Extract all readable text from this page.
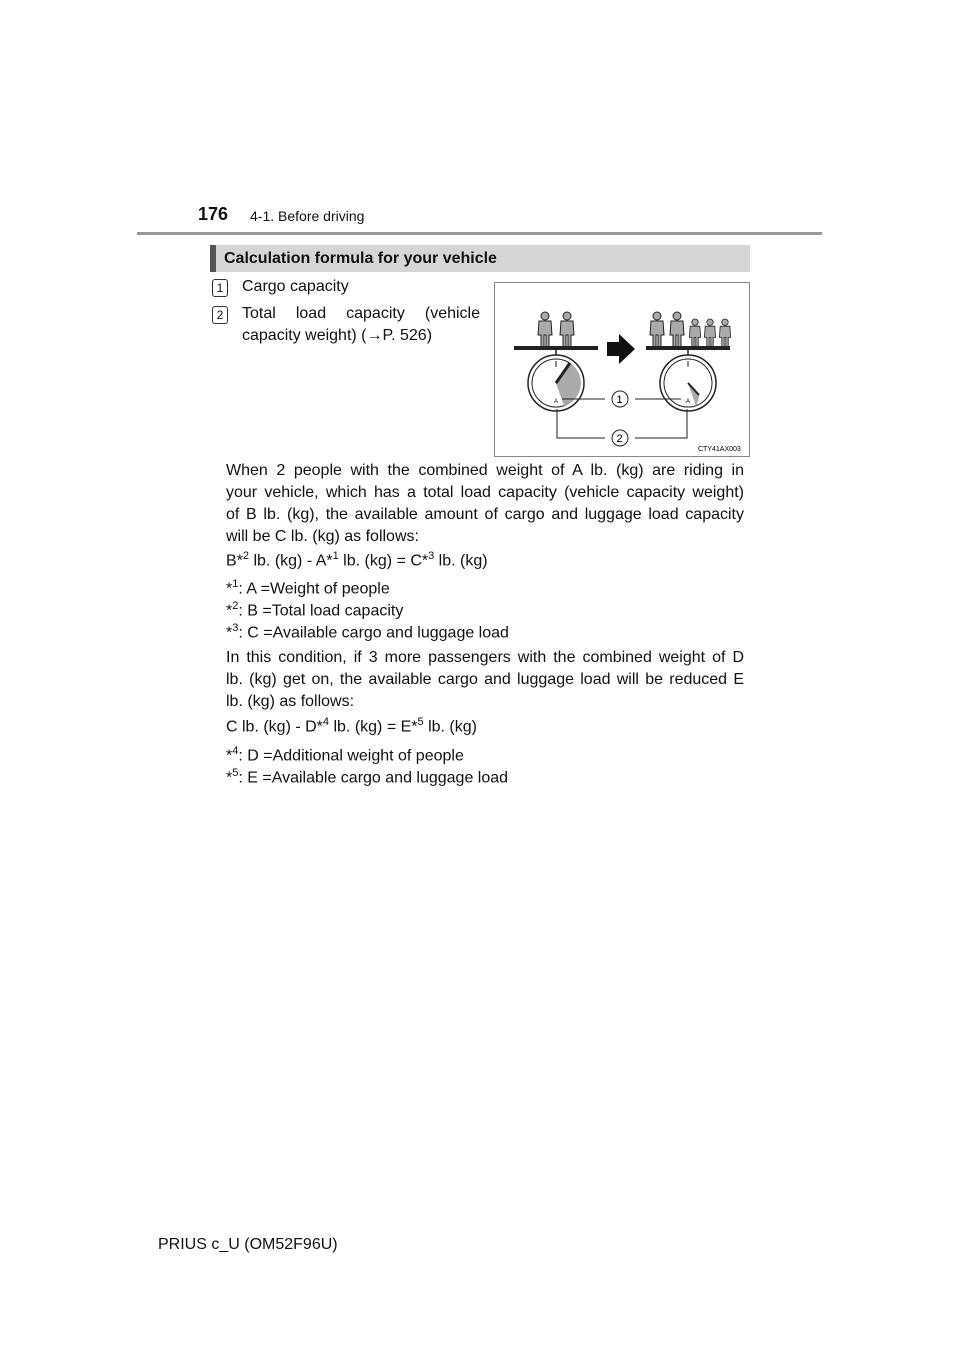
176 4-1. Before driving
Calculation formula for your vehicle
1 Cargo capacity
2 Total load capacity (vehicle
capacity weight) (→P. 526)
A	A
1
2
CTY41AX003
When 2 people with the combined weight of A lb. (kg) are riding in
your vehicle, which has a total load capacity (vehicle capacity weight)
of B lb. (kg), the available amount of cargo and luggage load capacity
will be C lb. (kg) as follows:
B*$^2$ lb. (kg) - A*$^1$ lb. (kg) = C*$^3$ lb. (kg)
*$^1$: A =Weight of people
*$^2$: B =Total load capacity
*$^3$: C =Available cargo and luggage load
In this condition, if 3 more passengers with the combined weight of D
lb. (kg) get on, the available cargo and luggage load will be reduced E
lb. (kg) as follows:
C lb. (kg) - D*$^4$ lb. (kg) = E*$^5$ lb. (kg)
*$^4$: D =Additional weight of people
*$^5$: E =Available cargo and luggage load
PRIUS c_U (OM52F96U)
